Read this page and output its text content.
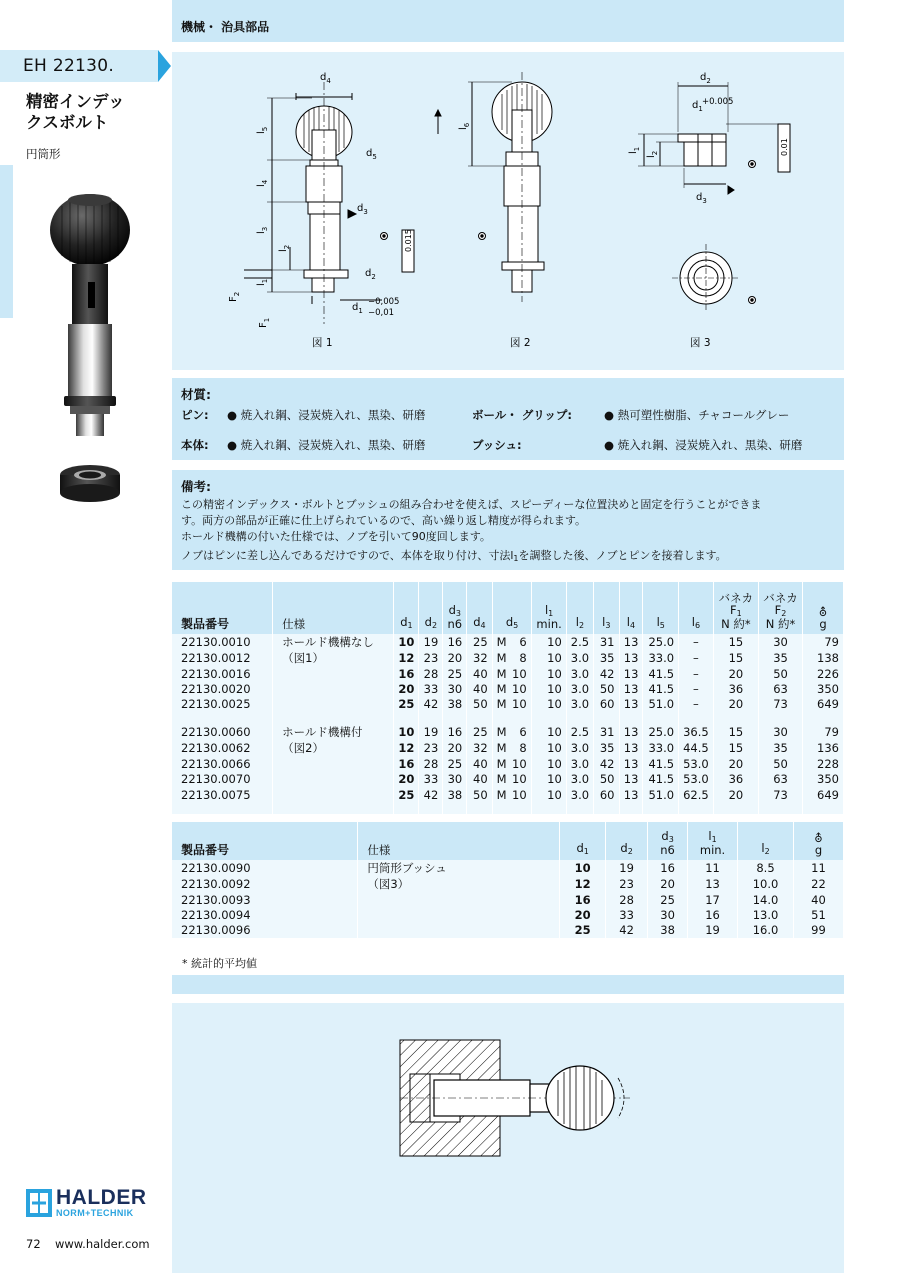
機械・ 治具部品
EH 22130.
精密インデッ
クスボルト
円筒形
$d_4$
$d_5$
$d_3$
$d_2$
$d_1$
−0,005
−0,01
$l_5$
$l_4$
$l_3$
$l_2$
$l_1$
$F_2$
$F_1$
0.015
図 1
$l_6$
図 2
$d_2$
$d_1$
+0.005
$d_3$
$l_1$
$l_2$	0.01
図 3
材質:
ピン: ● 焼入れ鋼、浸炭焼入れ、黒染、研磨
本体: ● 焼入れ鋼、浸炭焼入れ、黒染、研磨
ボール・ グリップ:	● 熱可塑性樹脂、チャコールグレー
ブッシュ:	● 焼入れ鋼、浸炭焼入れ、黒染、研磨
備考:
この精密インデックス・ボルトとブッシュの組み合わせを使えば、スピーディーな位置決めと固定を行うことができま
す。両方の部品が正確に仕上げられているので、高い繰り返し精度が得られます。
ホールド機構の付いた仕様では、ノブを引いて90度回します。
ノブはピンに差し込んであるだけですので、本体を取り付け、寸法l1を調整した後、ノブとピンを接着します。
製品番号	仕様	d1	d2	d3
n6	d4	d5	l1
min.	l2	l3	l4	l5	l6	バネカ
F1
N 約*	バネカ
F2
N 約*	⛢
g
22130.0010	ホールド機構なし	10	19	16	25	M 6	10	2.5	31	13	25.0	–	15	30	79
22130.0012	（図1）	12	23	20	32	M 8	10	3.0	35	13	33.0	–	15	35	138
22130.0016		16	28	25	40	M 10	10	3.0	42	13	41.5	–	20	50	226
22130.0020		20	33	30	40	M 10	10	3.0	50	13	41.5	–	36	63	350
22130.0025		25	42	38	50	M 10	10	3.0	60	13	51.0	–	20	73	649

22130.0060	ホールド機構付	10	19	16	25	M 6	10	2.5	31	13	25.0	36.5	15	30	79
22130.0062	（図2）	12	23	20	32	M 8	10	3.0	35	13	33.0	44.5	15	35	136
22130.0066		16	28	25	40	M 10	10	3.0	42	13	41.5	53.0	20	50	228
22130.0070		20	33	30	40	M 10	10	3.0	50	13	41.5	53.0	36	63	350
22130.0075		25	42	38	50	M 10	10	3.0	60	13	51.0	62.5	20	73	649

製品番号	仕様	d1	d2	d3
n6	l1
min.	l2	⛢
g
22130.0090	円筒形ブッシュ	10	19	16	11	8.5	11
22130.0092	（図3）	12	23	20	13	10.0	22
22130.0093		16	28	25	17	14.0	40
22130.0094		20	33	30	16	13.0	51
22130.0096		25	42	38	19	16.0	99
* 統計的平均値
HALDER
NORM+TECHNIK
72 www.halder.com
